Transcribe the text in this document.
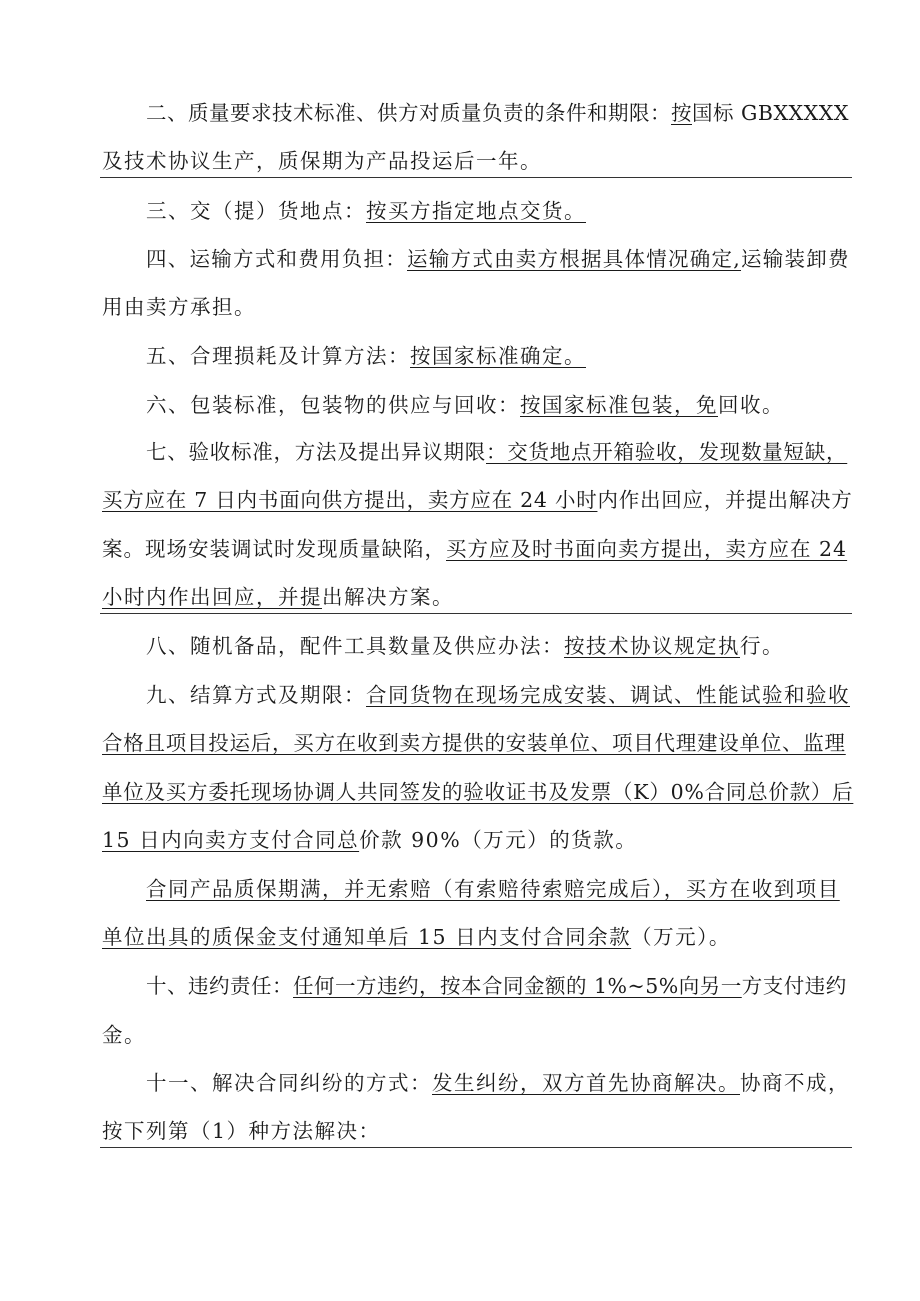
二、质量要求技术标准、供方对质量负责的条件和期限：按国标 GBXXXXX
及技术协议生产，质保期为产品投运后一年。
三、交（提）货地点：按买方指定地点交货。
四、运输方式和费用负担：运输方式由卖方根据具体情况确定,运输装卸费
用由卖方承担。
五、合理损耗及计算方法：按国家标准确定。
六、包装标准，包装物的供应与回收：按国家标准包装，免回收。
七、验收标准，方法及提出异议期限：交货地点开箱验收，发现数量短缺，
买方应在 7 日内书面向供方提出，卖方应在 24 小时内作出回应，并提出解决方
案。现场安装调试时发现质量缺陷，买方应及时书面向卖方提出，卖方应在 24
小时内作出回应，并提出解决方案。
八、随机备品，配件工具数量及供应办法：按技术协议规定执行。
九、结算方式及期限：合同货物在现场完成安装、调试、性能试验和验收
合格且项目投运后，买方在收到卖方提供的安装单位、项目代理建设单位、监理
单位及买方委托现场协调人共同签发的验收证书及发票（K）0%合同总价款）后
15 日内向卖方支付合同总价款 90%（万元）的货款。
合同产品质保期满，并无索赔（有索赔待索赔完成后），买方在收到项目
单位出具的质保金支付通知单后 15 日内支付合同余款（万元）。
十、违约责任：任何一方违约，按本合同金额的 1%~5%向另一方支付违约
金。
十一、解决合同纠纷的方式：发生纠纷，双方首先协商解决。协商不成，
按下列第（1）种方法解决：
